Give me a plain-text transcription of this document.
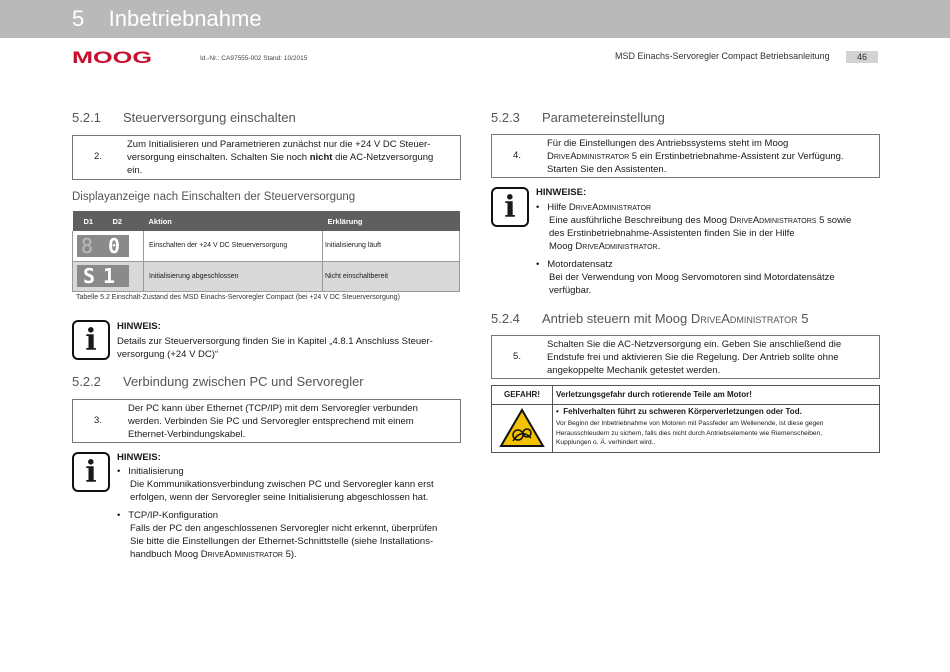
5    Inbetriebnahme
MOOG	Id.-Nr.: CA97555-002 Stand: 10/2015	MSD Einachs-Servoregler Compact Betriebsanleitung	46
5.2.1 Steuerversorgung einschalten
2.
Zum Initialisieren und Parametrieren zunächst nur die +24 V DC Steuer-
versorgung einschalten. Schalten Sie noch nicht die AC-Netzversorgung
ein.
Displayanzeige nach Einschalten der Steuerversorgung
D1	D2	Aktion	Erklärung

8 0		Einschalten der +24 V DC Steuerversorgung	Initialisierung läuft

S1		Initialisierung abgeschlossen	Nicht einschaltbereit
Tabelle 5.2 Einschalt-Zustand des MSD Einachs-Servoregler Compact (bei +24 V DC Steuerversorgung)
i	HINWEIS:
Details zur Steuerversorgung finden Sie in Kapitel „4.8.1 Anschluss Steuer-
versorgung (+24 V DC)“
5.2.2 Verbindung zwischen PC und Servoregler
3.
Der PC kann über Ethernet (TCP/IP) mit dem Servoregler verbunden
werden. Verbinden Sie PC und Servoregler entsprechend mit einem
Ethernet-Verbindungskabel.
i	HINWEIS:
•   Initialisierung
Die Kommunikationsverbindung zwischen PC und Servoregler kann erst
erfolgen, wenn der Servoregler seine Initialisierung abgeschlossen hat.
•   TCP/IP-Konfiguration
Falls der PC den angeschlossenen Servoregler nicht erkennt, überprüfen
Sie bitte die Einstellungen der Ethernet-Schnittstelle (siehe Installations-
handbuch Moog DriveAdministrator 5).
5.2.3 Parametereinstellung
4.
Für die Einstellungen des Antriebssystems steht im Moog
DriveAdministrator 5 ein Erstinbetriebnahme-Assistent zur Verfügung.
Starten Sie den Assistenten.
i	HINWEISE:
•   Hilfe DriveAdministrator
Eine ausführliche Beschreibung des Moog DriveAdministrators 5 sowie
des Erstinbetriebnahme-Assistenten finden Sie in der Hilfe
Moog DriveAdministrator.
•   Motordatensatz
Bei der Verwendung von Moog Servomotoren sind Motordatensätze
verfügbar.
5.2.4 Antrieb steuern mit Moog DriveAdministrator 5
5.
Schalten Sie die AC-Netzversorgung ein. Geben Sie anschließend die
Endstufe frei und aktivieren Sie die Regelung. Der Antrieb sollte ohne
angekoppelte Mechanik getestet werden.
GEFAHR!	Verletzungsgefahr durch rotierende Teile am Motor!
•  Fehlverhalten führt zu schweren Körperverletzungen oder Tod.
Vor Beginn der Inbetriebnahme von Motoren mit Passfeder am Wellenende, ist diese gegen
Herausschleudern zu sichern, falls dies nicht durch Antriebselemente wie Riemenscheiben,
Kupplungen o. Ä. verhindert wird..
